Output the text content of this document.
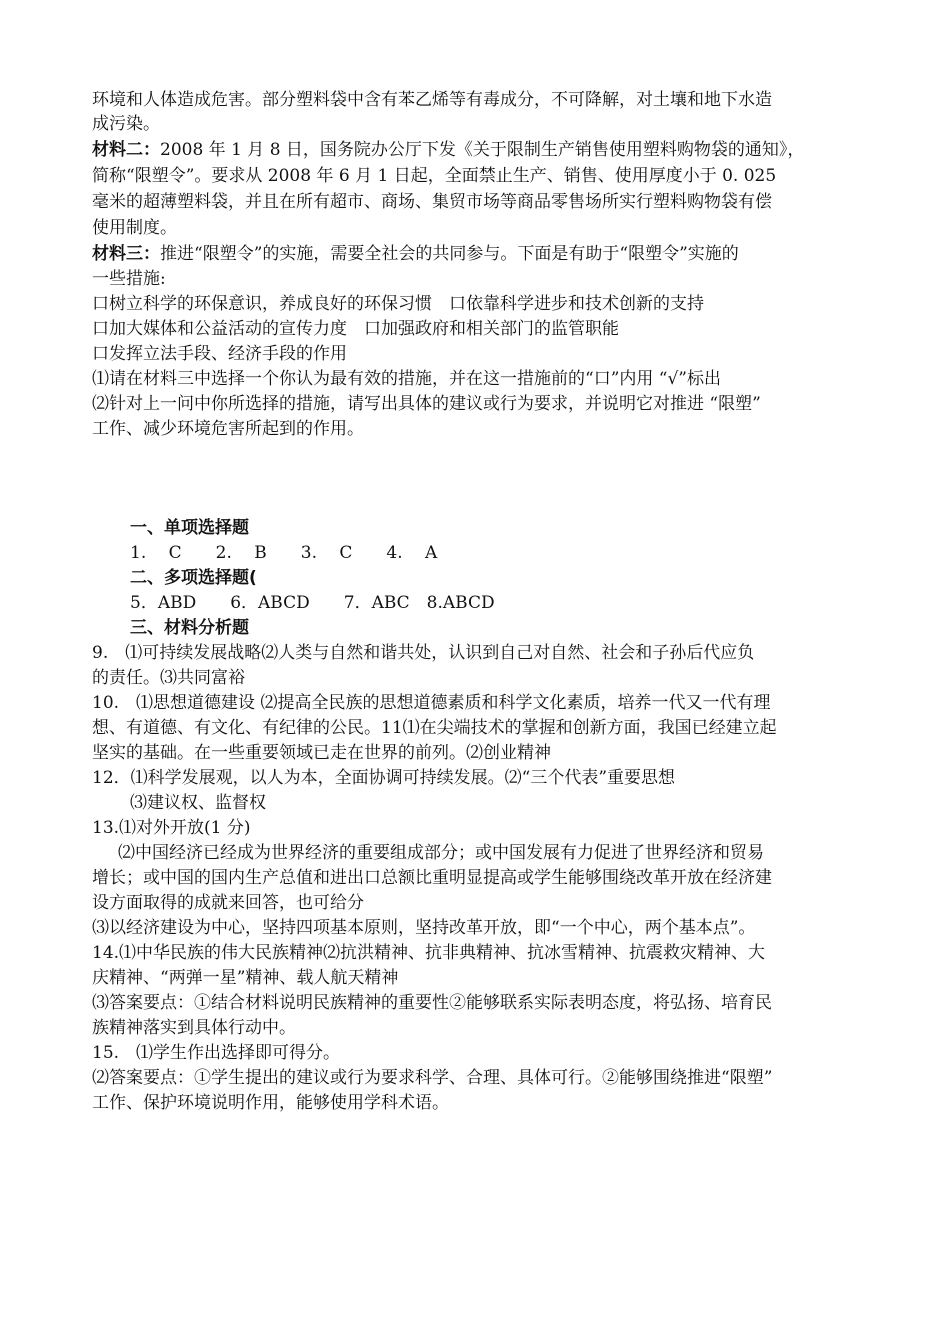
环境和人体造成危害。部分塑料袋中含有苯乙烯等有毒成分，不可降解，对土壤和地下水造
成污染。
材料二：2008 年 1 月 8 日，国务院办公厅下发《关于限制生产销售使用塑料购物袋的通知》，
简称“限塑令”。要求从 2008 年 6 月 1 日起，全面禁止生产、销售、使用厚度小于 0. 025
毫米的超薄塑料袋，并且在所有超市、商场、集贸市场等商品零售场所实行塑料购物袋有偿
使用制度。
材料三：推进“限塑令”的实施，需要全社会的共同参与。下面是有助于“限塑令”实施的
一些措施:
口树立科学的环保意识，养成良好的环保习惯　口依靠科学进步和技术创新的支持
口加大媒体和公益活动的宣传力度　口加强政府和相关部门的监管职能
口发挥立法手段、经济手段的作用
⑴请在材料三中选择一个你认为最有效的措施，并在这一措施前的“口”内用 “√”标出
⑵针对上一问中你所选择的措施，请写出具体的建议或行为要求，并说明它对推进 “限塑”
工作、减少环境危害所起到的作用。
一、单项选择题
1.　 C　　2.　 B　　3.　 C　　4.　 A
二、多项选择题(
5．ABD　　6．ABCD　　7．ABC　8.ABCD
三、材料分析题
9.　⑴可持续发展战略⑵人类与自然和谐共处，认识到自己对自然、社会和子孙后代应负
的责任。⑶共同富裕
10.　⑴思想道德建设 ⑵提高全民族的思想道德素质和科学文化素质，培养一代又一代有理
想、有道德、有文化、有纪律的公民。11⑴在尖端技术的掌握和创新方面，我国已经建立起
坚实的基础。在一些重要领域已走在世界的前列。⑵创业精神
12．⑴科学发展观，以人为本，全面协调可持续发展。⑵“三个代表”重要思想
⑶建议权、监督权
13.⑴对外开放(1 分)
⑵中国经济已经成为世界经济的重要组成部分；或中国发展有力促进了世界经济和贸易
增长；或中国的国内生产总值和进出口总额比重明显提高或学生能够围绕改革开放在经济建
设方面取得的成就来回答，也可给分
⑶以经济建设为中心，坚持四项基本原则，坚持改革开放，即“一个中心，两个基本点”。
14.⑴中华民族的伟大民族精神⑵抗洪精神、抗非典精神、抗冰雪精神、抗震救灾精神、大
庆精神、“两弹一星”精神、载人航天精神
⑶答案要点：①结合材料说明民族精神的重要性②能够联系实际表明态度，将弘扬、培育民
族精神落实到具体行动中。
15.　⑴学生作出选择即可得分。
⑵答案要点：①学生提出的建议或行为要求科学、合理、具体可行。②能够围绕推进“限塑”
工作、保护环境说明作用，能够使用学科术语。
